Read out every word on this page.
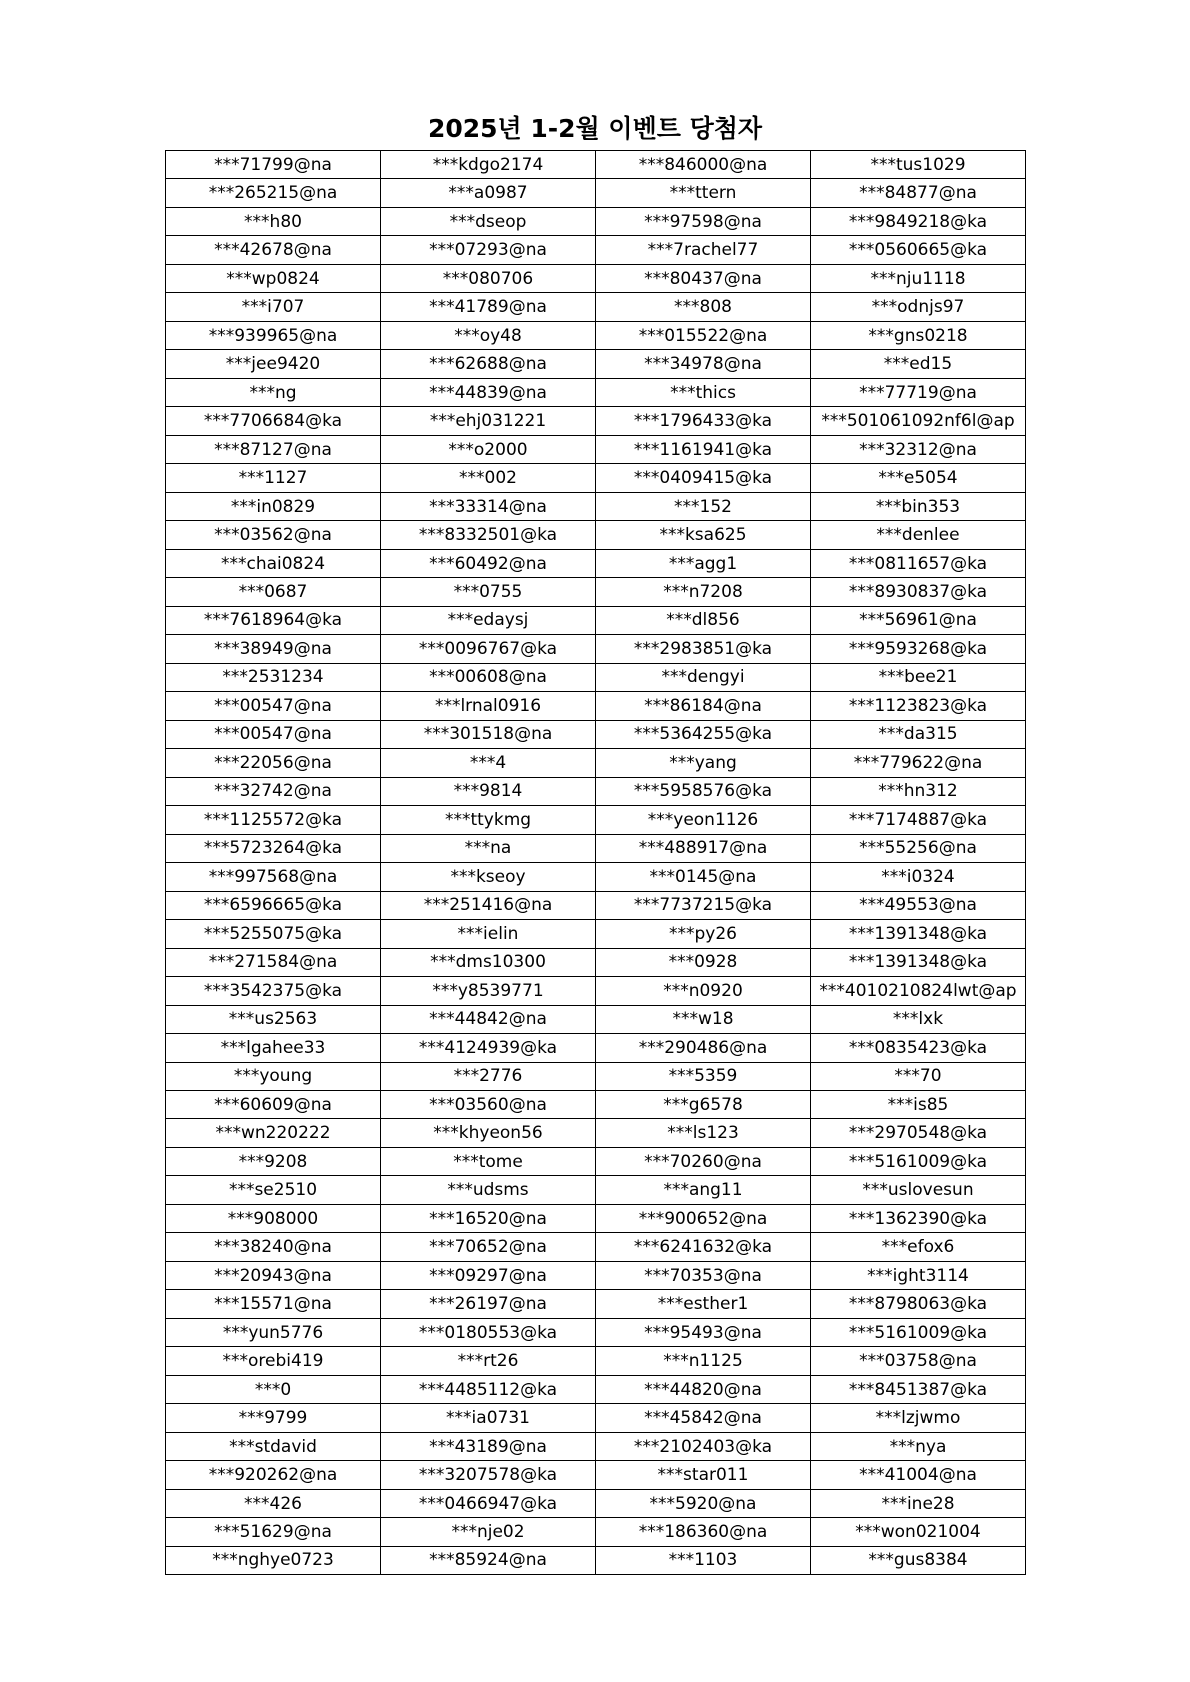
2025년 1-2월 이벤트 당첨자
***71799@na	***kdgo2174	***846000@na	***tus1029
***265215@na	***a0987	***ttern	***84877@na
***h80	***dseop	***97598@na	***9849218@ka
***42678@na	***07293@na	***7rachel77	***0560665@ka
***wp0824	***080706	***80437@na	***nju1118
***i707	***41789@na	***808	***odnjs97
***939965@na	***oy48	***015522@na	***gns0218
***jee9420	***62688@na	***34978@na	***ed15
***ng	***44839@na	***thics	***77719@na
***7706684@ka	***ehj031221	***1796433@ka	***501061092nf6l@ap
***87127@na	***o2000	***1161941@ka	***32312@na
***1127	***002	***0409415@ka	***e5054
***in0829	***33314@na	***152	***bin353
***03562@na	***8332501@ka	***ksa625	***denlee
***chai0824	***60492@na	***agg1	***0811657@ka
***0687	***0755	***n7208	***8930837@ka
***7618964@ka	***edaysj	***dl856	***56961@na
***38949@na	***0096767@ka	***2983851@ka	***9593268@ka
***2531234	***00608@na	***dengyi	***bee21
***00547@na	***lrnal0916	***86184@na	***1123823@ka
***00547@na	***301518@na	***5364255@ka	***da315
***22056@na	***4	***yang	***779622@na
***32742@na	***9814	***5958576@ka	***hn312
***1125572@ka	***ttykmg	***yeon1126	***7174887@ka
***5723264@ka	***na	***488917@na	***55256@na
***997568@na	***kseoy	***0145@na	***i0324
***6596665@ka	***251416@na	***7737215@ka	***49553@na
***5255075@ka	***ielin	***py26	***1391348@ka
***271584@na	***dms10300	***0928	***1391348@ka
***3542375@ka	***y8539771	***n0920	***4010210824lwt@ap
***us2563	***44842@na	***w18	***lxk
***lgahee33	***4124939@ka	***290486@na	***0835423@ka
***young	***2776	***5359	***70
***60609@na	***03560@na	***g6578	***is85
***wn220222	***khyeon56	***ls123	***2970548@ka
***9208	***tome	***70260@na	***5161009@ka
***se2510	***udsms	***ang11	***uslovesun
***908000	***16520@na	***900652@na	***1362390@ka
***38240@na	***70652@na	***6241632@ka	***efox6
***20943@na	***09297@na	***70353@na	***ight3114
***15571@na	***26197@na	***esther1	***8798063@ka
***yun5776	***0180553@ka	***95493@na	***5161009@ka
***orebi419	***rt26	***n1125	***03758@na
***0	***4485112@ka	***44820@na	***8451387@ka
***9799	***ia0731	***45842@na	***lzjwmo
***stdavid	***43189@na	***2102403@ka	***nya
***920262@na	***3207578@ka	***star011	***41004@na
***426	***0466947@ka	***5920@na	***ine28
***51629@na	***nje02	***186360@na	***won021004
***nghye0723	***85924@na	***1103	***gus8384
